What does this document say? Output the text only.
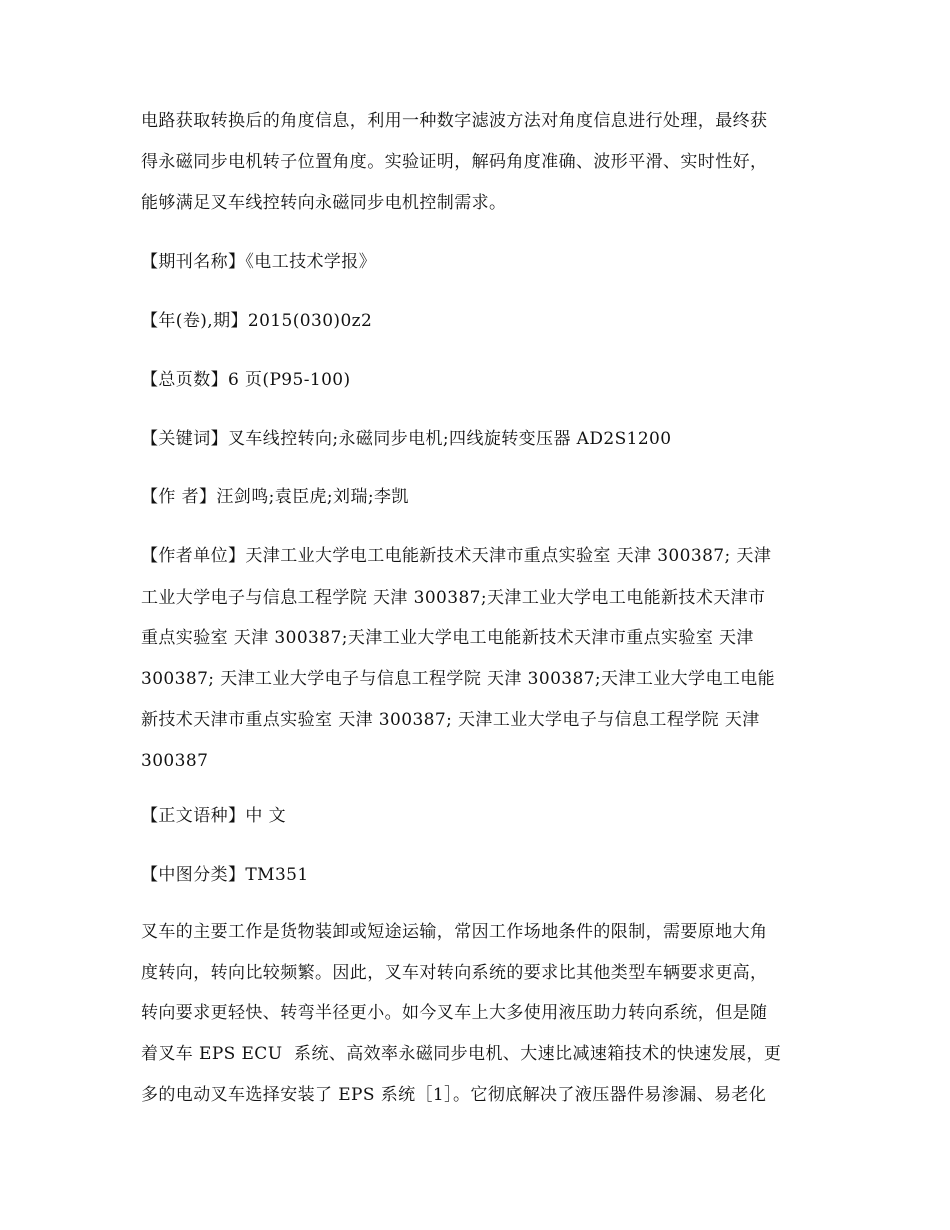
电路获取转换后的角度信息，利用一种数字滤波方法对角度信息进行处理，最终获
得永磁同步电机转子位置角度。实验证明，解码角度准确、波形平滑、实时性好，
能够满足叉车线控转向永磁同步电机控制需求。
【期刊名称】《电工技术学报》
【年(卷),期】2015(030)0z2
【总页数】6 页(P95-100)
【关键词】叉车线控转向;永磁同步电机;四线旋转变压器 AD2S1200
【作 者】汪剑鸣;袁臣虎;刘瑞;李凯
【作者单位】天津工业大学电工电能新技术天津市重点实验室 天津 300387; 天津
工业大学电子与信息工程学院 天津 300387;天津工业大学电工电能新技术天津市
重点实验室 天津 300387;天津工业大学电工电能新技术天津市重点实验室 天津
300387; 天津工业大学电子与信息工程学院 天津 300387;天津工业大学电工电能
新技术天津市重点实验室 天津 300387; 天津工业大学电子与信息工程学院 天津
300387
【正文语种】中 文
【中图分类】TM351
叉车的主要工作是货物装卸或短途运输，常因工作场地条件的限制，需要原地大角
度转向，转向比较频繁。因此，叉车对转向系统的要求比其他类型车辆要求更高，
转向要求更轻快、转弯半径更小。如今叉车上大多使用液压助力转向系统，但是随
着叉车 EPS ECU  系统、高效率永磁同步电机、大速比减速箱技术的快速发展，更
多的电动叉车选择安装了 EPS 系统［1］。它彻底解决了液压器件易渗漏、易老化
